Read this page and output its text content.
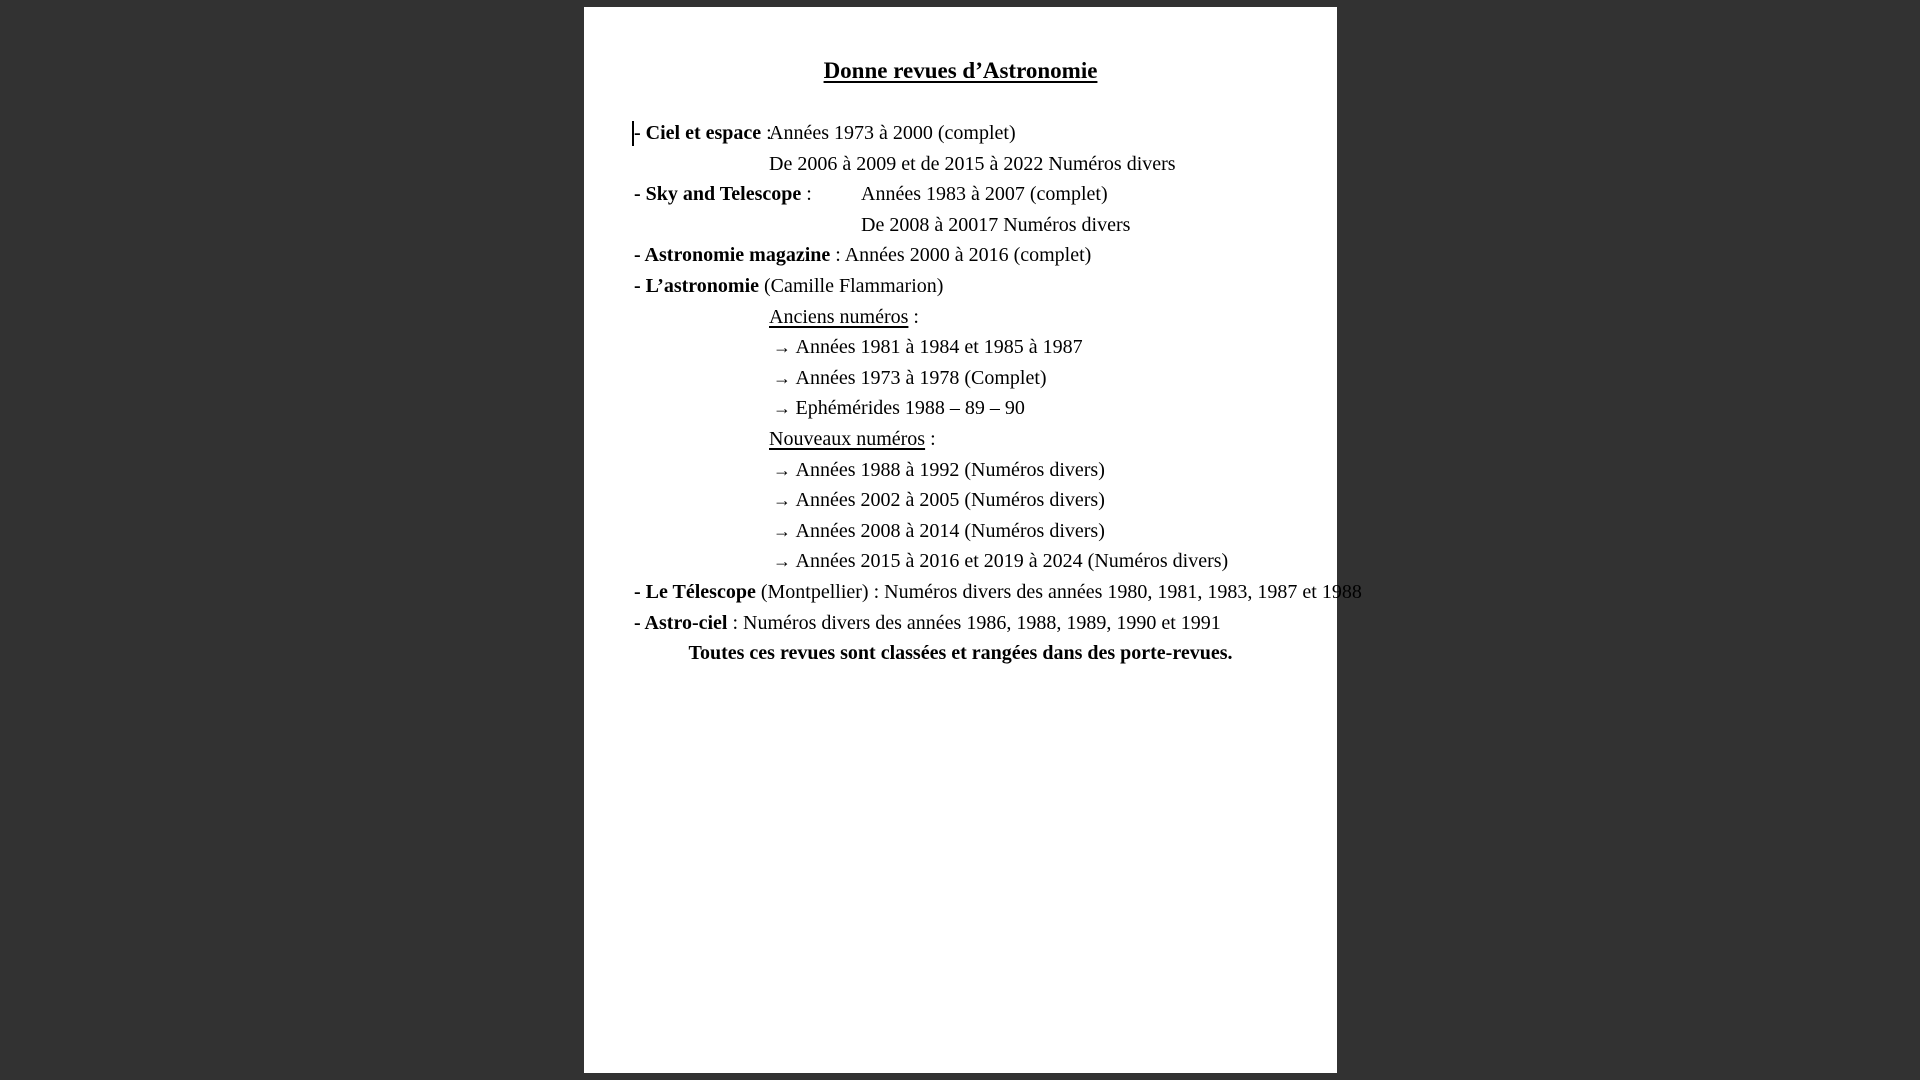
Donne revues d’Astronomie
- Ciel et espace :
Années 1973 à 2000 (complet)
De 2006 à 2009 et de 2015 à 2022 Numéros divers
- Sky and Telescope : Années 1983 à 2007 (complet)
De 2008 à 20017 Numéros divers
- Astronomie magazine : Années 2000 à 2016 (complet)
- L’astronomie (Camille Flammarion)
Anciens numéros :
→ Années 1981 à 1984 et 1985 à 1987
→ Années 1973 à 1978 (Complet)
→ Ephémérides 1988 – 89 – 90
Nouveaux numéros :
→ Années 1988 à 1992 (Numéros divers)
→ Années 2002 à 2005 (Numéros divers)
→ Années 2008 à 2014 (Numéros divers)
→ Années 2015 à 2016 et 2019 à 2024 (Numéros divers)
- Le Télescope (Montpellier) : Numéros divers des années 1980, 1981, 1983, 1987 et 1988
- Astro-ciel : Numéros divers des années 1986, 1988, 1989, 1990 et 1991
Toutes ces revues sont classées et rangées dans des porte-revues.
